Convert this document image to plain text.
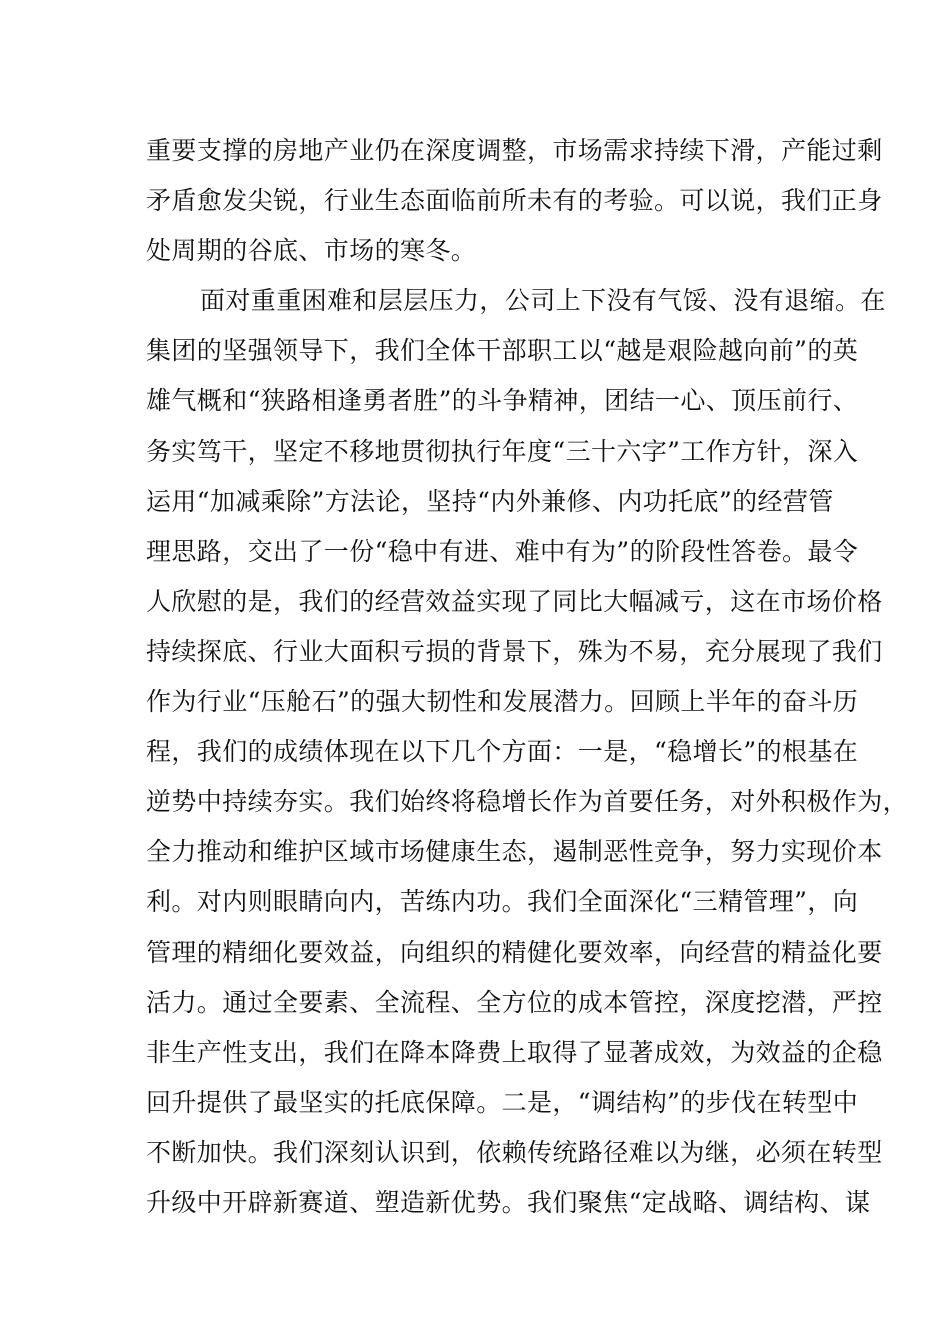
重要支撑的房地产业仍在深度调整，市场需求持续下滑，产能过剩
矛盾愈发尖锐，行业生态面临前所未有的考验。可以说，我们正身
处周期的谷底、市场的寒冬。
面对重重困难和层层压力，公司上下没有气馁、没有退缩。在
集团的坚强领导下，我们全体干部职工以“越是艰险越向前”的英
雄气概和“狭路相逢勇者胜”的斗争精神，团结一心、顶压前行、
务实笃干，坚定不移地贯彻执行年度“三十六字”工作方针，深入
运用“加减乘除”方法论，坚持“内外兼修、内功托底”的经营管
理思路，交出了一份“稳中有进、难中有为”的阶段性答卷。最令
人欣慰的是，我们的经营效益实现了同比大幅减亏，这在市场价格
持续探底、行业大面积亏损的背景下，殊为不易，充分展现了我们
作为行业“压舱石”的强大韧性和发展潜力。回顾上半年的奋斗历
程，我们的成绩体现在以下几个方面：一是，“稳增长”的根基在
逆势中持续夯实。我们始终将稳增长作为首要任务，对外积极作为，
全力推动和维护区域市场健康生态，遏制恶性竞争，努力实现价本
利。对内则眼睛向内，苦练内功。我们全面深化“三精管理”，向
管理的精细化要效益，向组织的精健化要效率，向经营的精益化要
活力。通过全要素、全流程、全方位的成本管控，深度挖潜，严控
非生产性支出，我们在降本降费上取得了显著成效，为效益的企稳
回升提供了最坚实的托底保障。二是，“调结构”的步伐在转型中
不断加快。我们深刻认识到，依赖传统路径难以为继，必须在转型
升级中开辟新赛道、塑造新优势。我们聚焦“定战略、调结构、谋
